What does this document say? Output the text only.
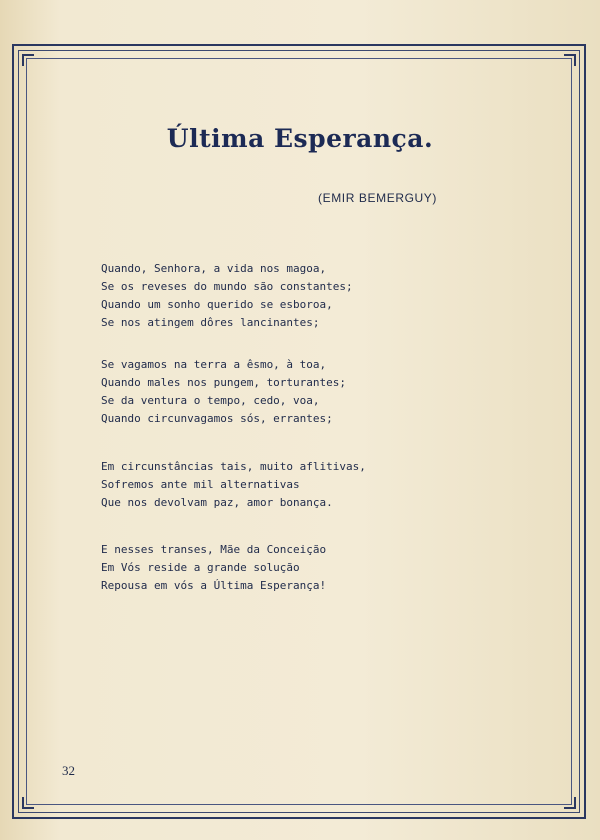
Última Esperança.
(EMIR BEMERGUY)
Quando, Senhora, a vida nos magoa,
Se os reveses do mundo são constantes;
Quando um sonho querido se esboroa,
Se nos atingem dôres lancinantes;
Se vagamos na terra a êsmo, à toa,
Quando males nos pungem, torturantes;
Se da ventura o tempo, cedo, voa,
Quando circunvagamos sós, errantes;
Em circunstâncias tais, muito aflitivas,
Sofremos ante mil alternativas
Que nos devolvam paz, amor bonança.
E nesses transes, Mãe da Conceição
Em Vós reside a grande solução
Repousa em vós a Última Esperança!
32
